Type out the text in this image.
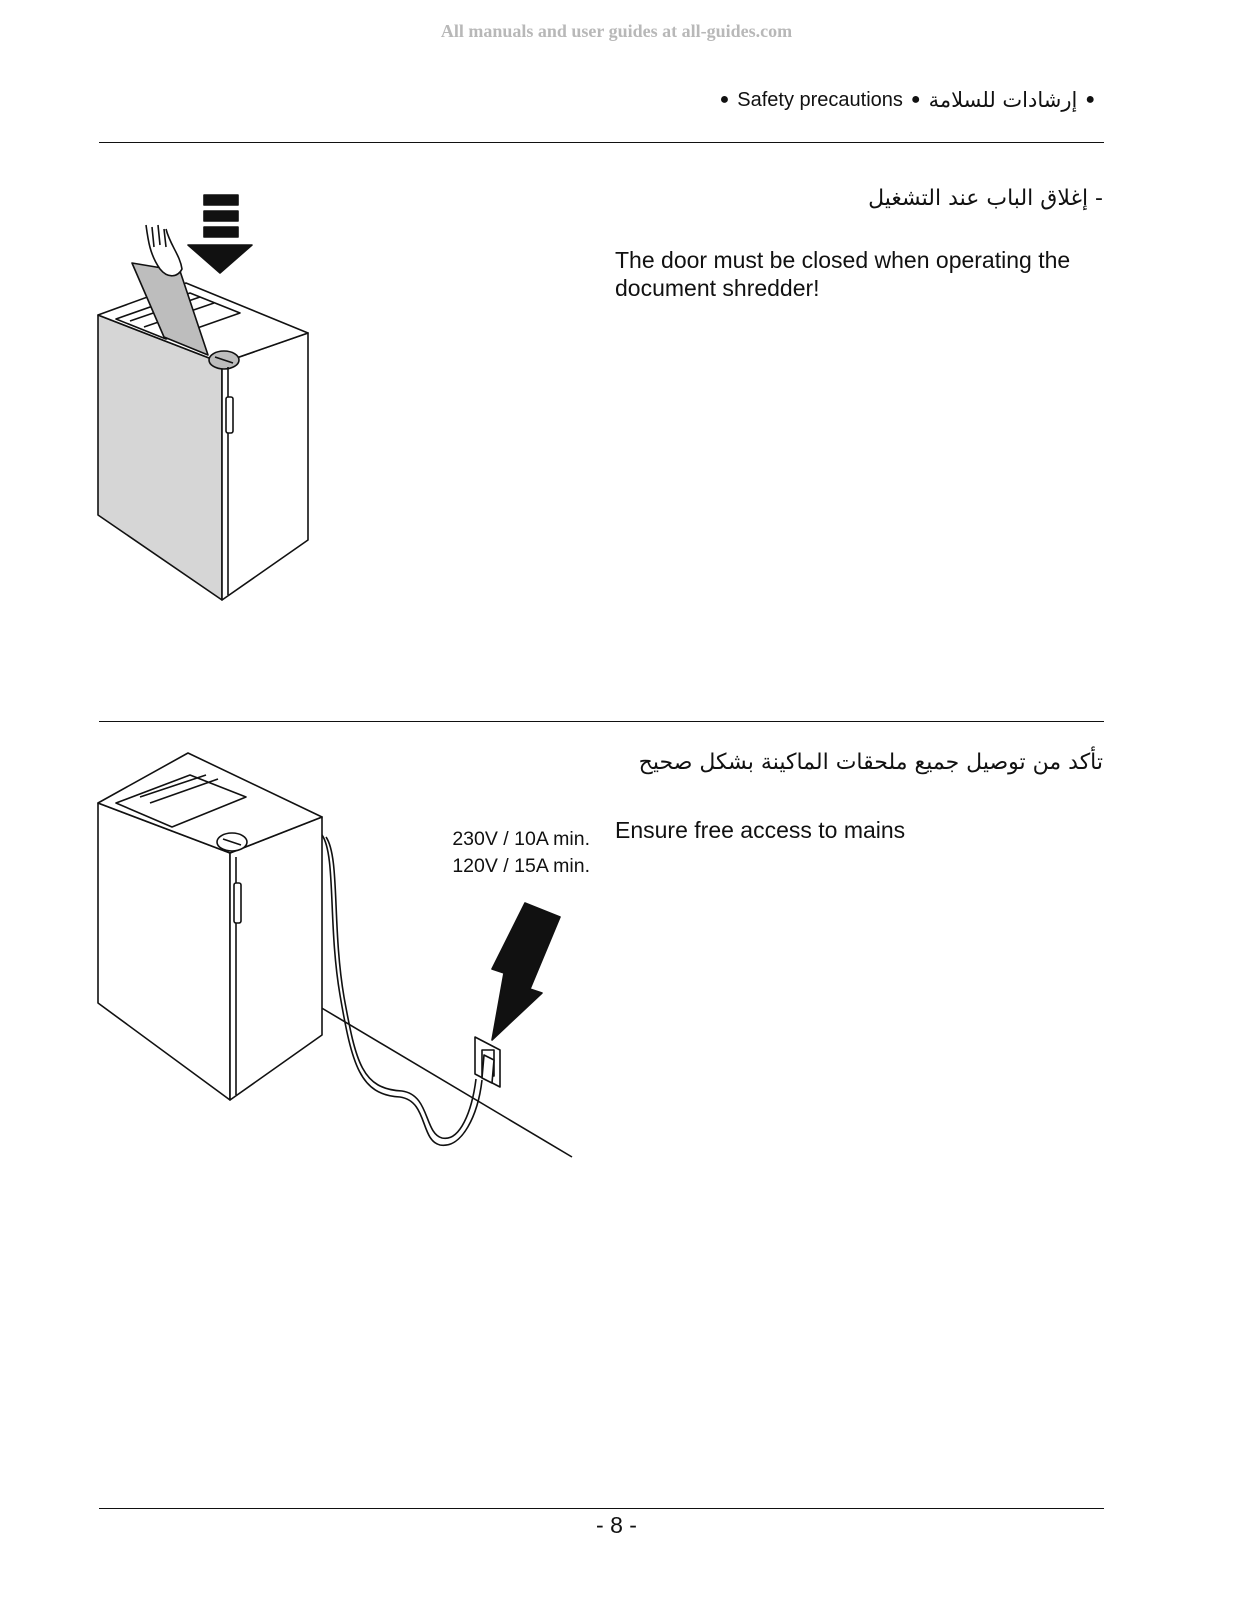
All manuals and user guides at all-guides.com
● Safety precautions ● إرشادات للسلامة ●
- إغلاق الباب عند التشغيل
The door must be closed when operating the document shredder!
تأكد من توصيل جميع ملحقات الماكينة بشكل صحيح
Ensure free access to mains
230V / 10A min.
120V / 15A min.
- 8 -
